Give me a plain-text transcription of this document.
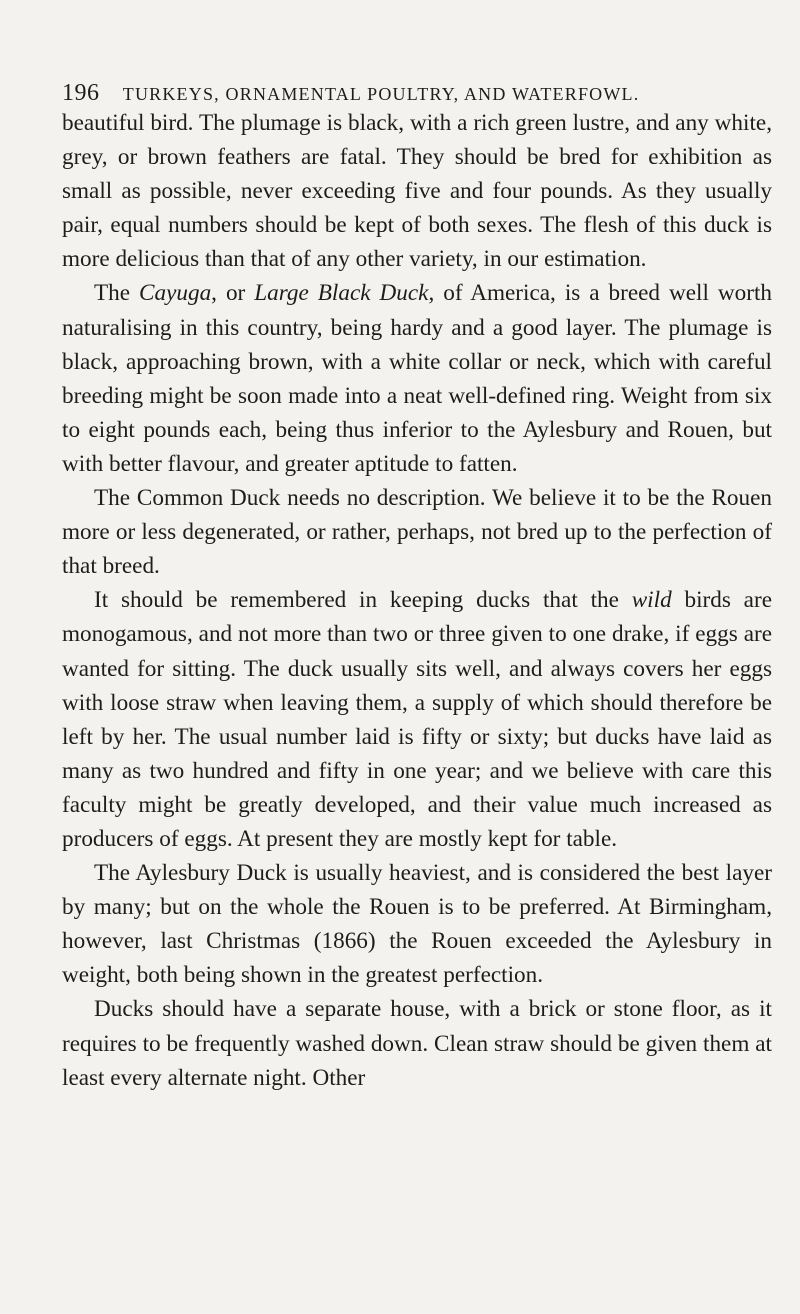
196 TURKEYS, ORNAMENTAL POULTRY, AND WATERFOWL.

beautiful bird. The plumage is black, with a rich green lustre, and any white, grey, or brown feathers are fatal. They should be bred for exhibition as small as possible, never exceeding five and four pounds. As they usually pair, equal numbers should be kept of both sexes. The flesh of this duck is more delicious than that of any other variety, in our estimation.

The Cayuga, or Large Black Duck, of America, is a breed well worth naturalising in this country, being hardy and a good layer. The plumage is black, approaching brown, with a white collar or neck, which with careful breeding might be soon made into a neat well-defined ring. Weight from six to eight pounds each, being thus inferior to the Aylesbury and Rouen, but with better flavour, and greater aptitude to fatten.

The Common Duck needs no description. We believe it to be the Rouen more or less degenerated, or rather, perhaps, not bred up to the perfection of that breed.

It should be remembered in keeping ducks that the wild birds are monogamous, and not more than two or three given to one drake, if eggs are wanted for sitting. The duck usually sits well, and always covers her eggs with loose straw when leaving them, a supply of which should therefore be left by her. The usual number laid is fifty or sixty; but ducks have laid as many as two hundred and fifty in one year; and we believe with care this faculty might be greatly developed, and their value much increased as producers of eggs. At present they are mostly kept for table.

The Aylesbury Duck is usually heaviest, and is considered the best layer by many; but on the whole the Rouen is to be preferred. At Birmingham, however, last Christmas (1866) the Rouen exceeded the Aylesbury in weight, both being shown in the greatest perfection.

Ducks should have a separate house, with a brick or stone floor, as it requires to be frequently washed down. Clean straw should be given them at least every alternate night. Other
